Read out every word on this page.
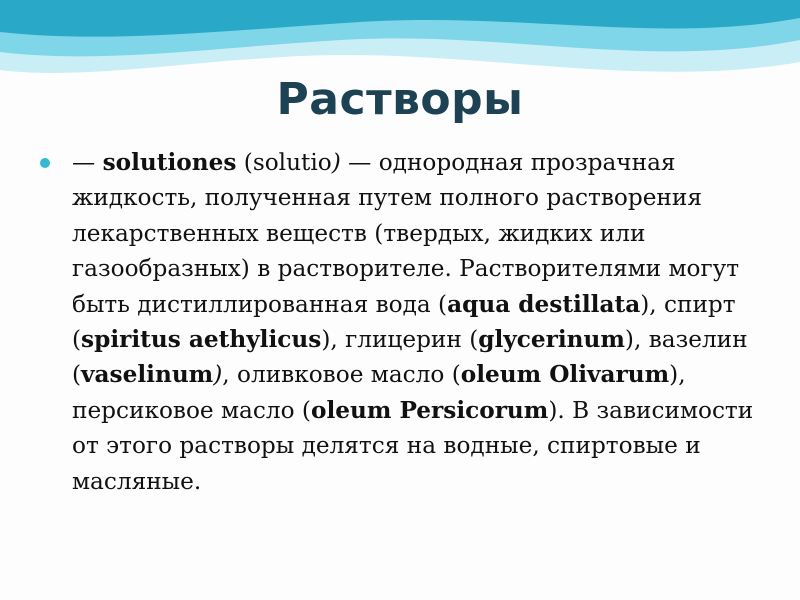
Растворы
— solutiones (solutio) — однородная прозрачная жидкость, полученная путем полного растворения лекарственных веществ (твердых, жидких или газообразных) в растворителе. Растворителями могут быть дистиллированная вода (aqua destillata), спирт (spiritus aethylicus), глицерин (glycerinum), вазелин (vaselinum), оливковое масло (oleum Olivarum), персиковое масло (oleum Persicorum). В зависимости от этого растворы делятся на водные, спиртовые и масляные.
